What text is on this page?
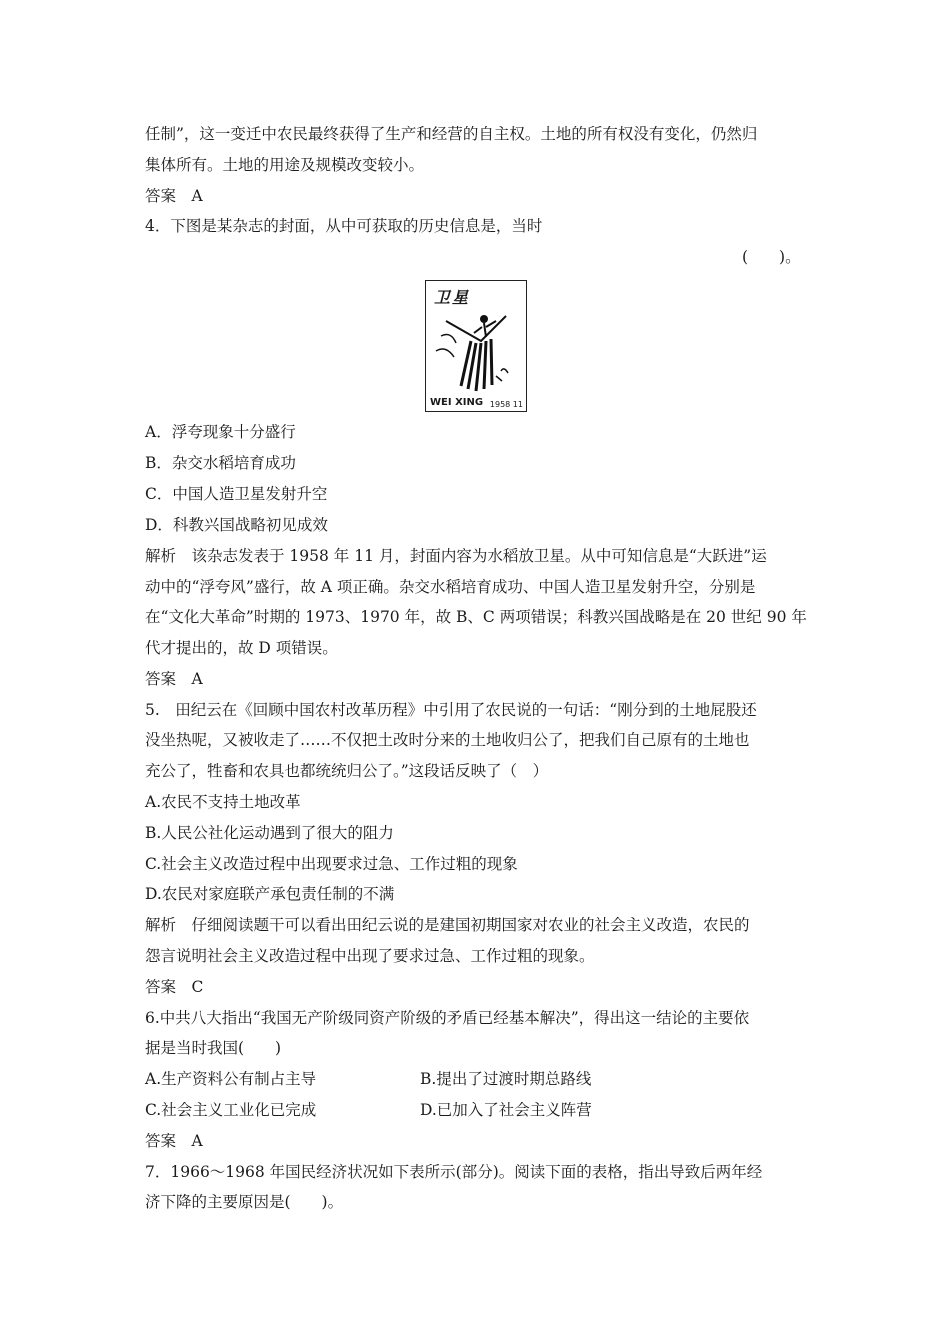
任制”，这一变迁中农民最终获得了生产和经营的自主权。土地的所有权没有变化，仍然归
集体所有。土地的用途及规模改变较小。
答案　A
4．下图是某杂志的封面，从中可获取的历史信息是，当时
(　　)。
卫星
WEI XING 1958 11
A．浮夸现象十分盛行
B．杂交水稻培育成功
C．中国人造卫星发射升空
D．科教兴国战略初见成效
解析　该杂志发表于 1958 年 11 月，封面内容为水稻放卫星。从中可知信息是“大跃进”运
动中的“浮夸风”盛行，故 A 项正确。杂交水稻培育成功、中国人造卫星发射升空，分别是
在“文化大革命”时期的 1973、1970 年，故 B、C 两项错误；科教兴国战略是在 20 世纪 90 年
代才提出的，故 D 项错误。
答案　A
5.　田纪云在《回顾中国农村改革历程》中引用了农民说的一句话：“刚分到的土地屁股还
没坐热呢，又被收走了……不仅把土改时分来的土地收归公了，把我们自己原有的土地也
充公了，牲畜和农具也都统统归公了。”这段话反映了（　）
A.农民不支持土地改革
B.人民公社化运动遇到了很大的阻力
C.社会主义改造过程中出现要求过急、工作过粗的现象
D.农民对家庭联产承包责任制的不满
解析　仔细阅读题干可以看出田纪云说的是建国初期国家对农业的社会主义改造，农民的
怨言说明社会主义改造过程中出现了要求过急、工作过粗的现象。
答案　C
6.中共八大指出“我国无产阶级同资产阶级的矛盾已经基本解决”，得出这一结论的主要依
据是当时我国(　　)
A.生产资料公有制占主导	B.提出了过渡时期总路线
C.社会主义工业化已完成	D.已加入了社会主义阵营
答案　A
7．1966～1968 年国民经济状况如下表所示(部分)。阅读下面的表格，指出导致后两年经
济下降的主要原因是(　　)。
